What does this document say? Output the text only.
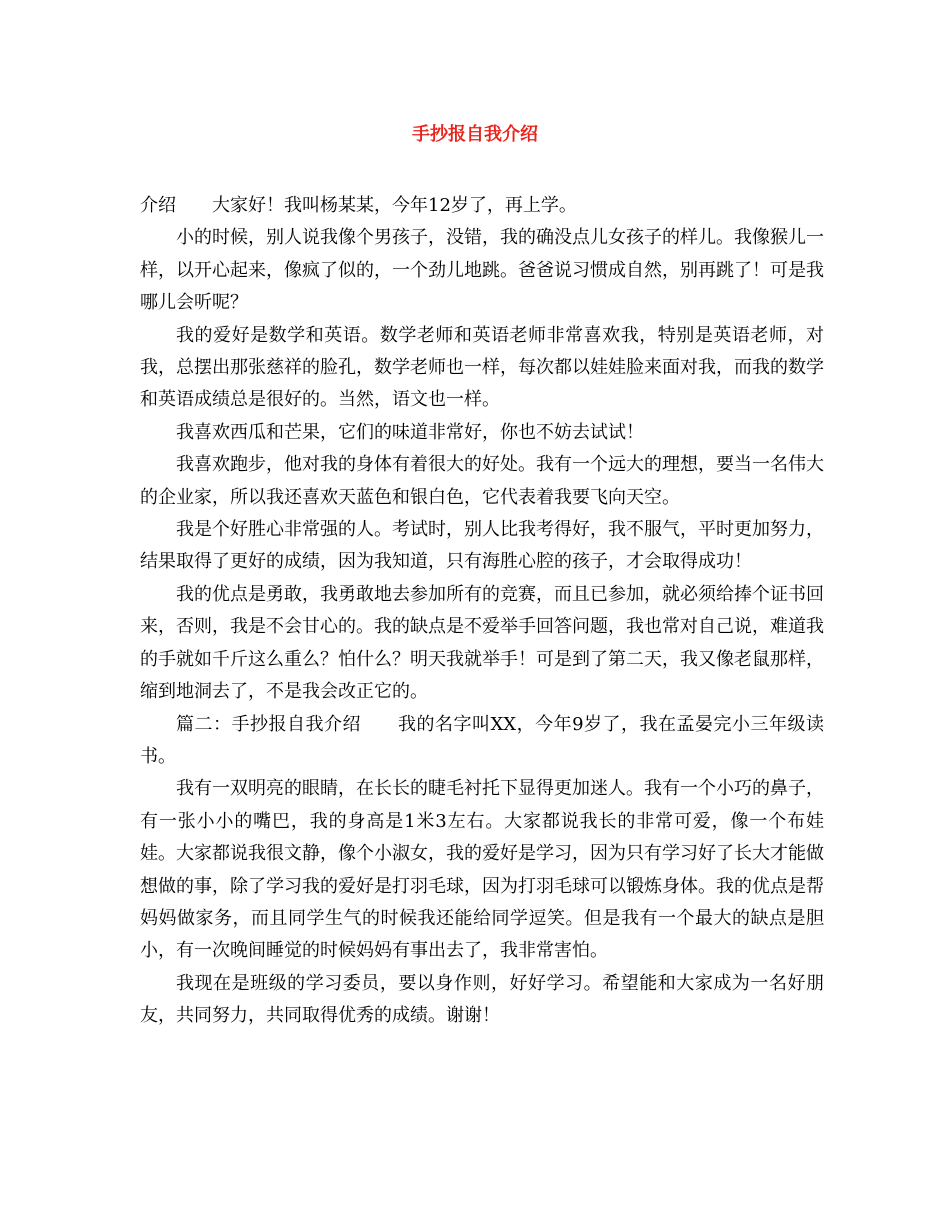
手抄报自我介绍

介绍　　大家好！我叫杨某某，今年12岁了，再上学。

小的时候，别人说我像个男孩子，没错，我的确没点儿女孩子的样儿。我像猴儿一样，以开心起来，像疯了似的，一个劲儿地跳。爸爸说习惯成自然，别再跳了！可是我哪儿会听呢？

我的爱好是数学和英语。数学老师和英语老师非常喜欢我，特别是英语老师，对我，总摆出那张慈祥的脸孔，数学老师也一样，每次都以娃娃脸来面对我，而我的数学和英语成绩总是很好的。当然，语文也一样。

我喜欢西瓜和芒果，它们的味道非常好，你也不妨去试试！

我喜欢跑步，他对我的身体有着很大的好处。我有一个远大的理想，要当一名伟大的企业家，所以我还喜欢天蓝色和银白色，它代表着我要飞向天空。

我是个好胜心非常强的人。考试时，别人比我考得好，我不服气，平时更加努力，结果取得了更好的成绩，因为我知道，只有海胜心腔的孩子，才会取得成功！

我的优点是勇敢，我勇敢地去参加所有的竞赛，而且已参加，就必须给捧个证书回来，否则，我是不会甘心的。我的缺点是不爱举手回答问题，我也常对自己说，难道我的手就如千斤这么重么？怕什么？明天我就举手！可是到了第二天，我又像老鼠那样，缩到地洞去了，不是我会改正它的。

篇二：手抄报自我介绍　　我的名字叫XX，今年9岁了，我在孟晏完小三年级读书。

我有一双明亮的眼睛，在长长的睫毛衬托下显得更加迷人。我有一个小巧的鼻子，有一张小小的嘴巴，我的身高是1米3左右。大家都说我长的非常可爱，像一个布娃娃。大家都说我很文静，像个小淑女，我的爱好是学习，因为只有学习好了长大才能做想做的事，除了学习我的爱好是打羽毛球，因为打羽毛球可以锻炼身体。我的优点是帮妈妈做家务，而且同学生气的时候我还能给同学逗笑。但是我有一个最大的缺点是胆小，有一次晚间睡觉的时候妈妈有事出去了，我非常害怕。

我现在是班级的学习委员，要以身作则，好好学习。希望能和大家成为一名好朋友，共同努力，共同取得优秀的成绩。谢谢！
